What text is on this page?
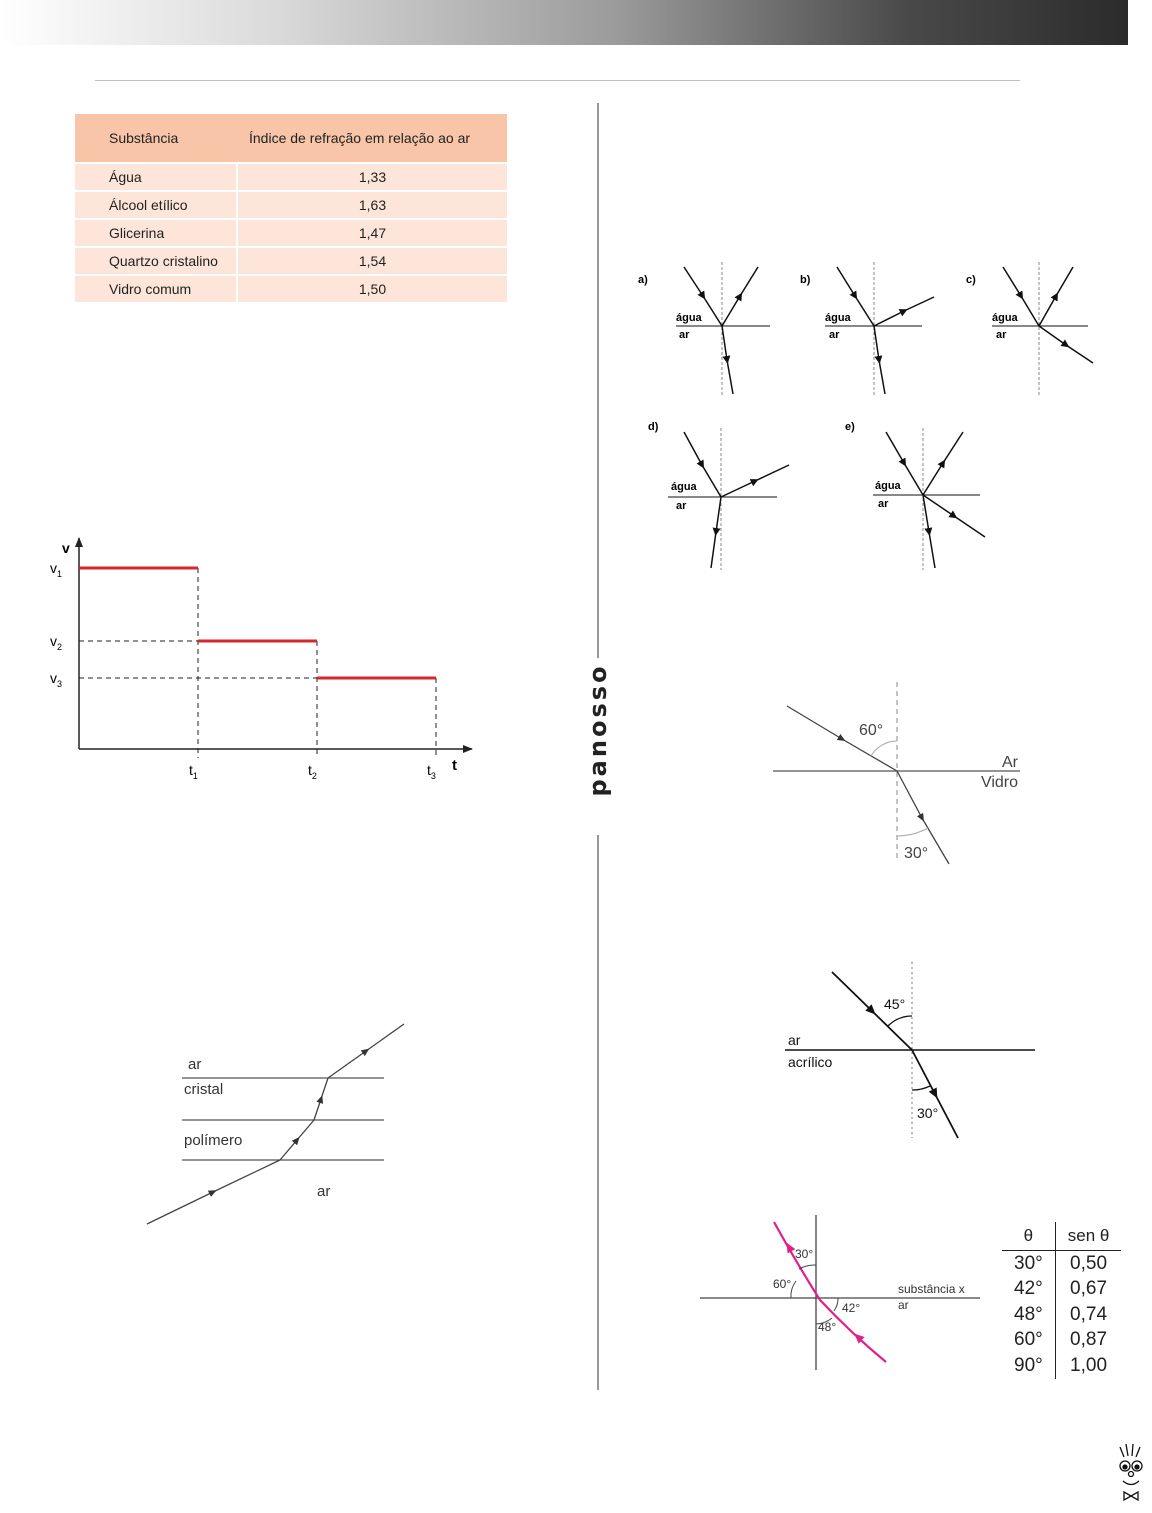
Substância	Índice de refração em relação ao ar
Água	1,33
Álcool etílico	1,63
Glicerina	1,47
Quartzo cristalino	1,54
Vidro comum	1,50
v
t
$v_1$
$v_2$
$v_3$
$t_1$	$t_2$	$t_3$
a)
água
ar
b)
água
ar
c)
água
ar
d)
água
ar
e)
água
ar
panosso	60°
30°
Ar
Vidro
ar
cristal
polímero
ar
45°
30°
ar
acrílico
30°
60°
42°
48°
substância x
ar
θ	sen θ
30°	0,50
42°	0,67
48°	0,74
60°	0,87
90°	1,00
